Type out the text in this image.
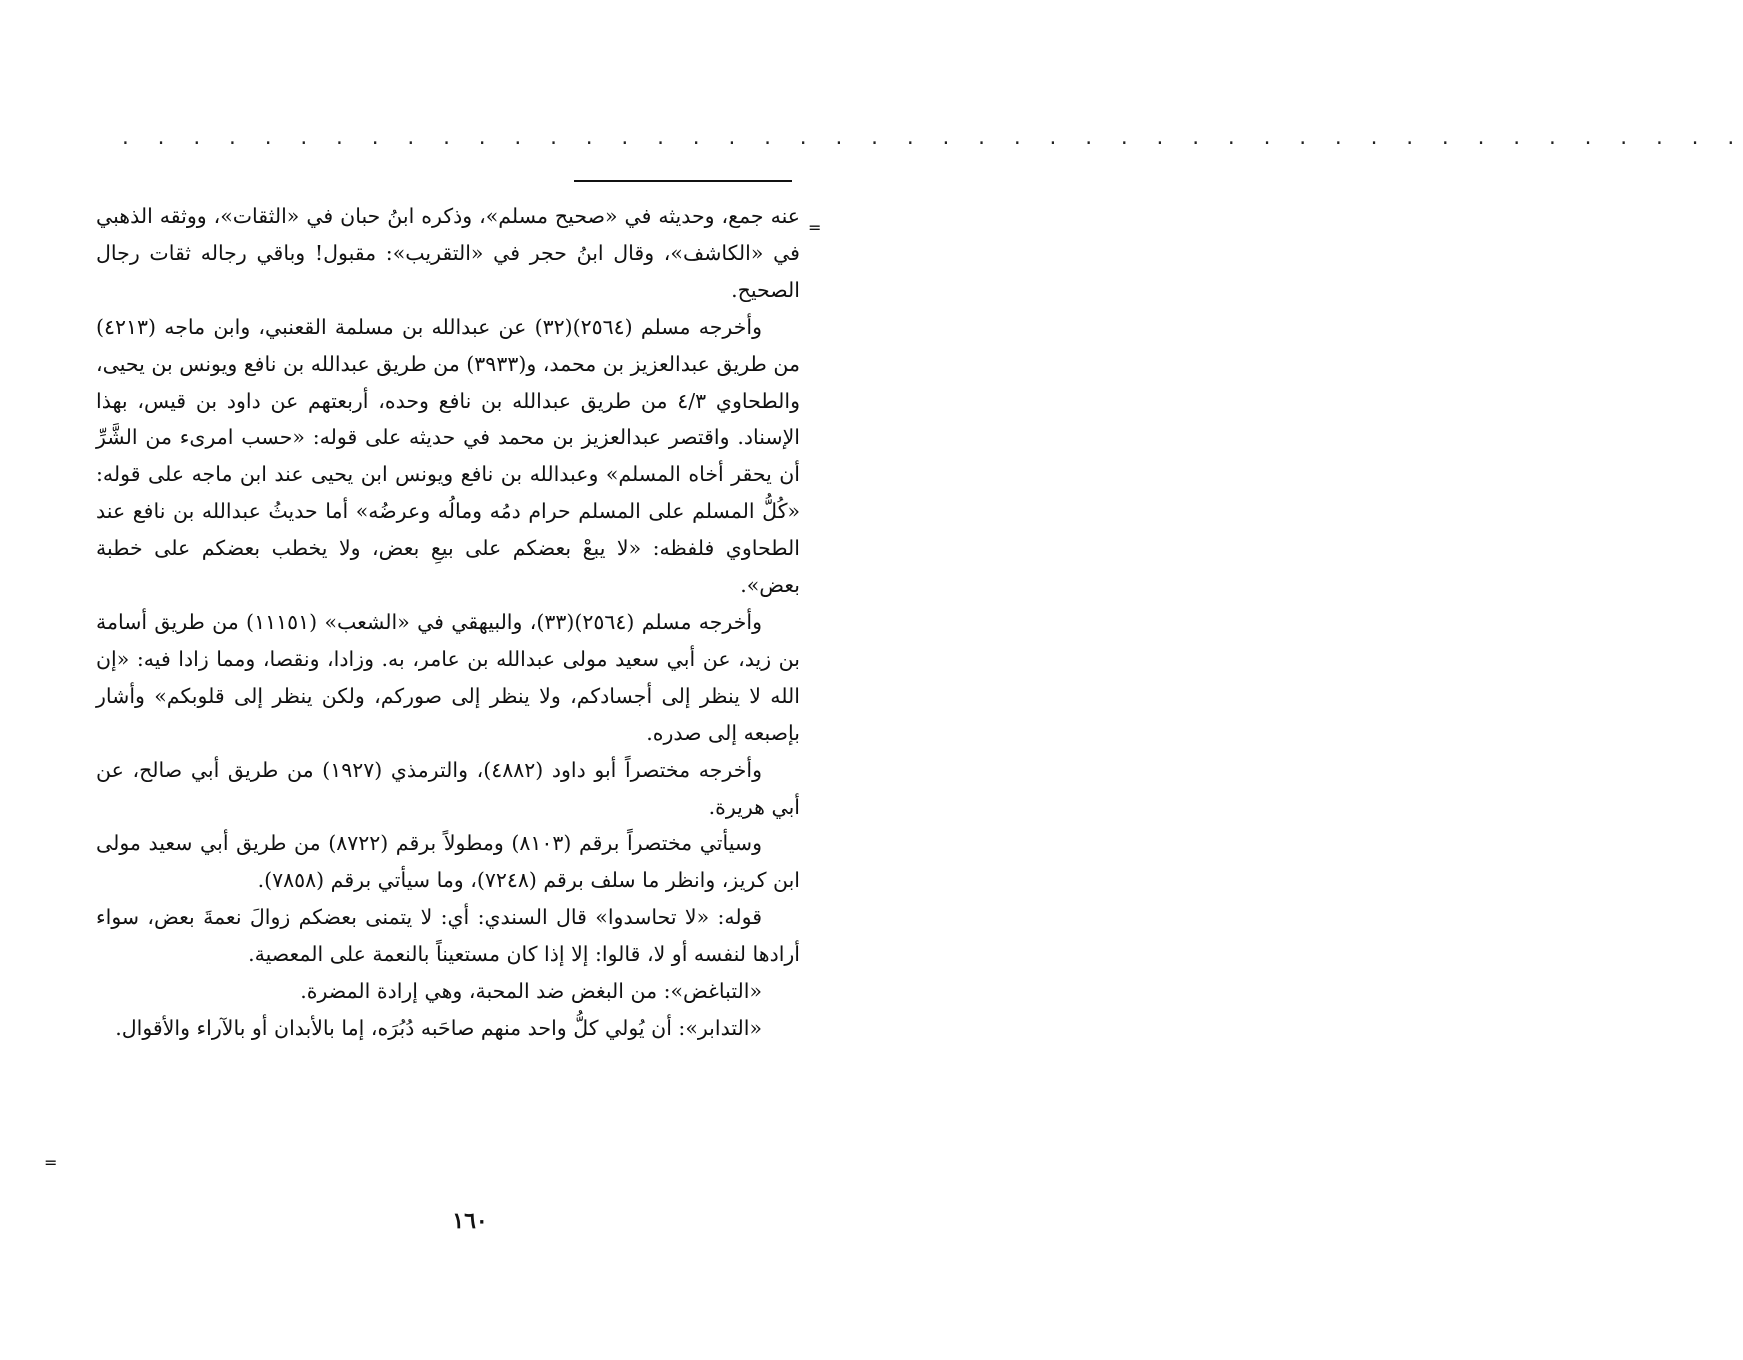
. . . . . . . . . . . . . . . . . . . . . . . . . . . . . . . . . . . . . . . . . . . . . .
=
=

عنه جمع، وحديثه في «صحيح مسلم»، وذكره ابنُ حبان في «الثقات»، ووثقه الذهبي في «الكاشف»، وقال ابنُ حجر في «التقريب»: مقبول! وباقي رجاله ثقات رجال الصحيح.

وأخرجه مسلم (٢٥٦٤)(٣٢) عن عبدالله بن مسلمة القعنبي، وابن ماجه (٤٢١٣) من طريق عبدالعزيز بن محمد، و(٣٩٣٣) من طريق عبدالله بن نافع ويونس بن يحيى، والطحاوي ٤/٣ من طريق عبدالله بن نافع وحده، أربعتهم عن داود بن قيس، بهذا الإسناد. واقتصر عبدالعزيز بن محمد في حديثه على قوله: «حسب امرىء من الشَّرِّ أن يحقر أخاه المسلم» وعبدالله بن نافع ويونس ابن يحيى عند ابن ماجه على قوله: «كُلُّ المسلم على المسلم حرام دمُه ومالُه وعرضُه» أما حديثُ عبدالله بن نافع عند الطحاوي فلفظه: «لا يبعْ بعضكم على بيعِ بعض، ولا يخطب بعضكم على خطبة بعض».

وأخرجه مسلم (٢٥٦٤)(٣٣)، والبيهقي في «الشعب» (١١١٥١) من طريق أسامة بن زيد، عن أبي سعيد مولى عبدالله بن عامر، به. وزادا، ونقصا، ومما زادا فيه: «إن الله لا ينظر إلى أجسادكم، ولا ينظر إلى صوركم، ولكن ينظر إلى قلوبكم» وأشار بإصبعه إلى صدره.

وأخرجه مختصراً أبو داود (٤٨٨٢)، والترمذي (١٩٢٧) من طريق أبي صالح، عن أبي هريرة.

وسيأتي مختصراً برقم (٨١٠٣) ومطولاً برقم (٨٧٢٢) من طريق أبي سعيد مولى ابن كريز، وانظر ما سلف برقم (٧٢٤٨)، وما سيأتي برقم (٧٨٥٨).

قوله: «لا تحاسدوا» قال السندي: أي: لا يتمنى بعضكم زوالَ نعمةَ بعض، سواء أرادها لنفسه أو لا، قالوا: إلا إذا كان مستعيناً بالنعمة على المعصية.

«التباغض»: من البغض ضد المحبة، وهي إرادة المضرة.

«التدابر»: أن يُولي كلُّ واحد منهم صاحَبه دُبُرَه، إما بالأبدان أو بالآراء والأقوال.

١٦٠
